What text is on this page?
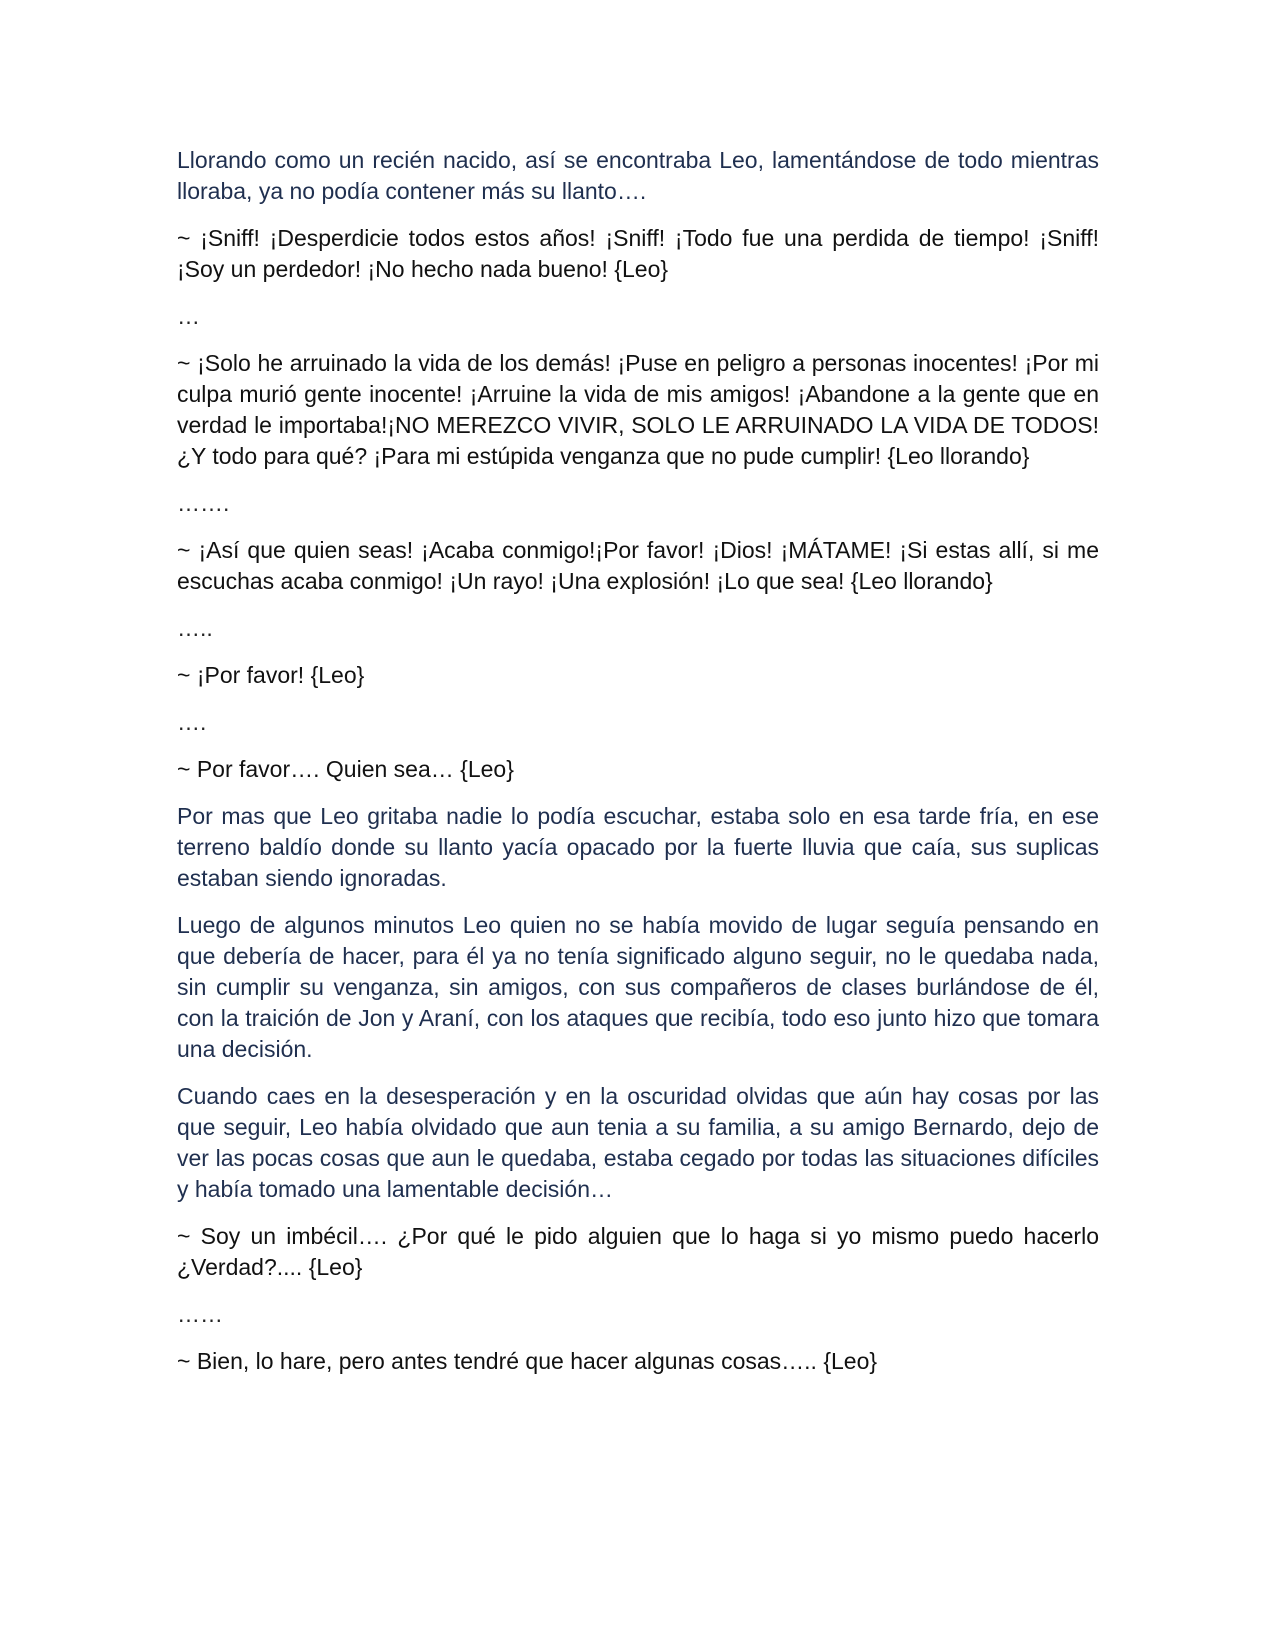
Llorando como un recién nacido, así se encontraba Leo, lamentándose de todo mientras lloraba, ya no podía contener más su llanto….

~ ¡Sniff! ¡Desperdicie todos estos años! ¡Sniff! ¡Todo fue una perdida de tiempo! ¡Sniff! ¡Soy un perdedor! ¡No hecho nada bueno! {Leo}

…

~ ¡Solo he arruinado la vida de los demás! ¡Puse en peligro a personas inocentes! ¡Por mi culpa murió gente inocente! ¡Arruine la vida de mis amigos! ¡Abandone a la gente que en verdad le importaba!¡NO MEREZCO VIVIR, SOLO LE ARRUINADO LA VIDA DE TODOS! ¿Y todo para qué? ¡Para mi estúpida venganza que no pude cumplir! {Leo llorando}

…….

~ ¡Así que quien seas! ¡Acaba conmigo!¡Por favor! ¡Dios! ¡MÁTAME! ¡Si estas allí, si me escuchas acaba conmigo! ¡Un rayo! ¡Una explosión! ¡Lo que sea! {Leo llorando}

…..

~ ¡Por favor! {Leo}

….

~ Por favor…. Quien sea… {Leo}

Por mas que Leo gritaba nadie lo podía escuchar, estaba solo en esa tarde fría, en ese terreno baldío donde su llanto yacía opacado por la fuerte lluvia que caía, sus suplicas estaban siendo ignoradas.

Luego de algunos minutos Leo quien no se había movido de lugar seguía pensando en que debería de hacer, para él ya no tenía significado alguno seguir, no le quedaba nada, sin cumplir su venganza, sin amigos, con sus compañeros de clases burlándose de él, con la traición de Jon y Araní, con los ataques que recibía, todo eso junto hizo que tomara una decisión.

Cuando caes en la desesperación y en la oscuridad olvidas que aún hay cosas por las que seguir, Leo había olvidado que aun tenia a su familia, a su amigo Bernardo, dejo de ver las pocas cosas que aun le quedaba, estaba cegado por todas las situaciones difíciles y había tomado una lamentable decisión…

~ Soy un imbécil…. ¿Por qué le pido alguien que lo haga si yo mismo puedo hacerlo ¿Verdad?.... {Leo}

……

~ Bien, lo hare, pero antes tendré que hacer algunas cosas….. {Leo}
